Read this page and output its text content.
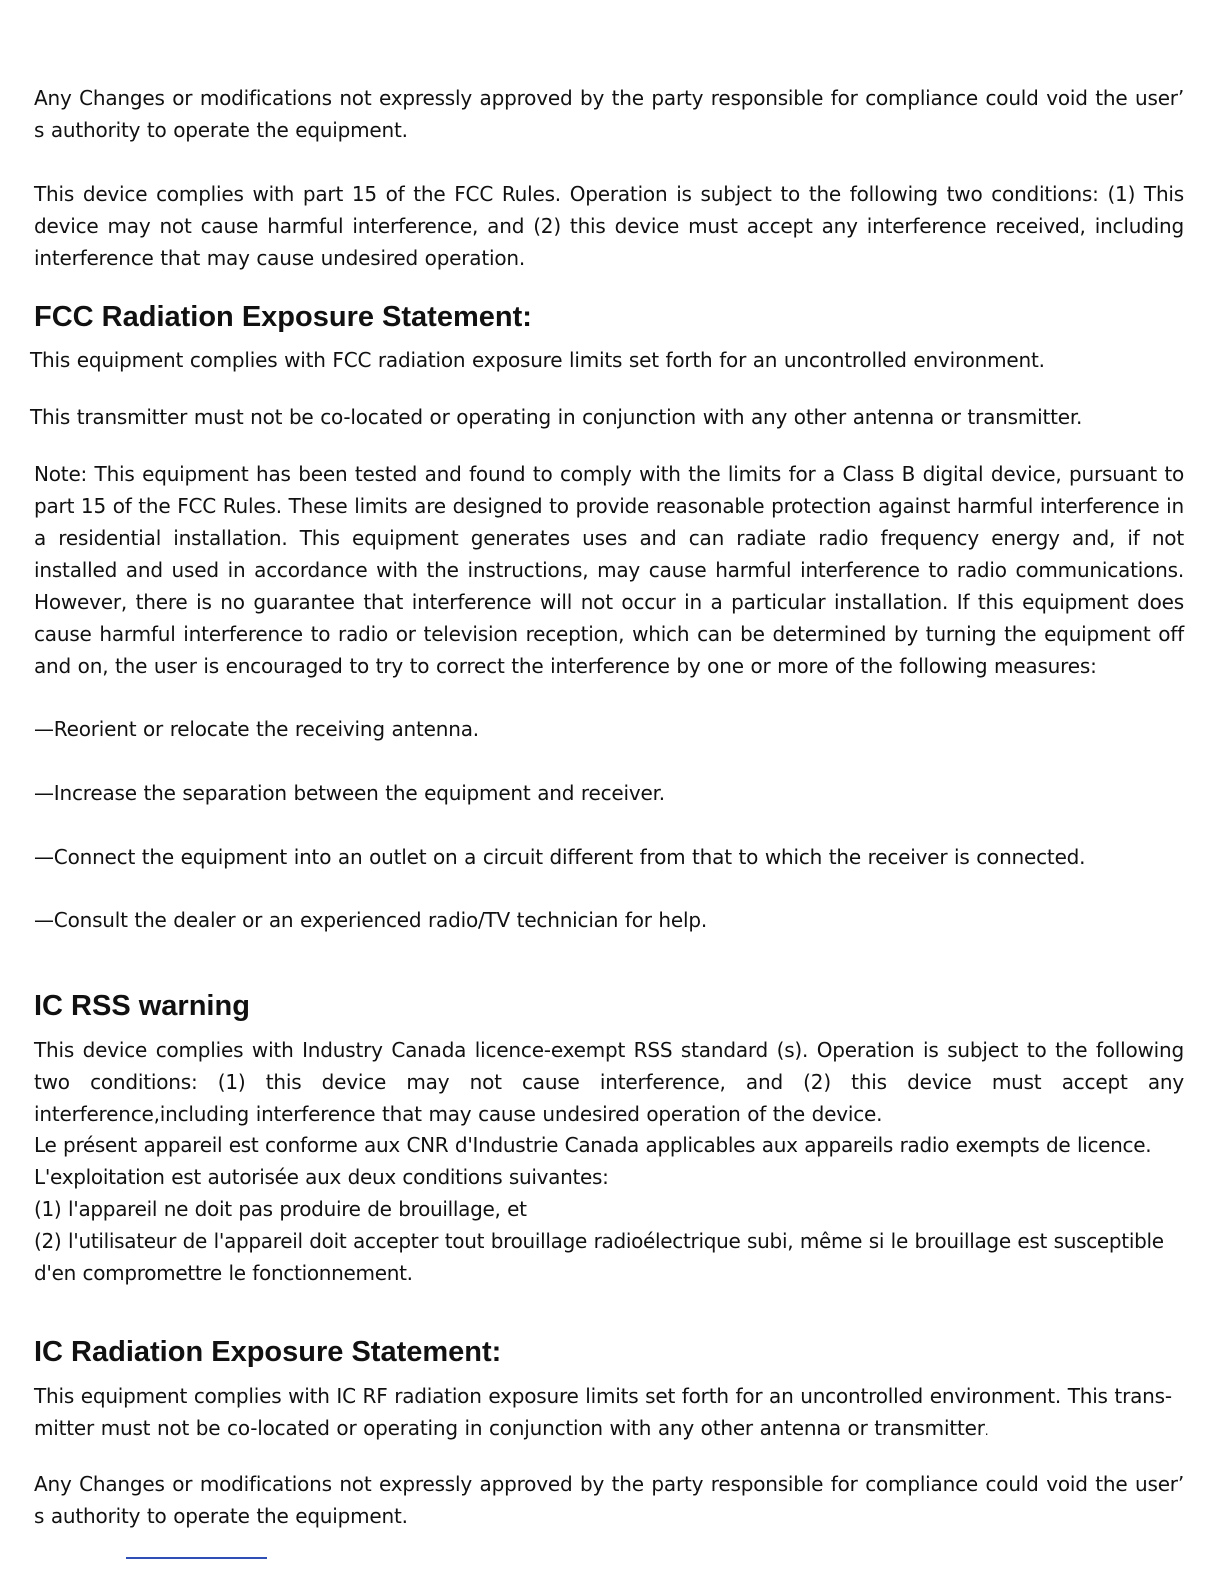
Any Changes or modifications not expressly approved by the party responsible for compliance could void the user’ s authority to operate the equipment.

This device complies with part 15 of the FCC Rules. Operation is subject to the following two conditions: (1) This device may not cause harmful interference, and (2) this device must accept any interference received, including interference that may cause undesired operation.

FCC Radiation Exposure Statement:

This equipment complies with FCC radiation exposure limits set forth for an uncontrolled environment.

This transmitter must not be co-located or operating in conjunction with any other antenna or transmitter.

Note: This equipment has been tested and found to comply with the limits for a Class B digital device, pursuant to part 15 of the FCC Rules. These limits are designed to provide reasonable protection against harmful interference in a residential installation. This equipment generates uses and can radiate radio frequency energy and, if not installed and used in accordance with the instructions, may cause harmful interference to radio communications. However, there is no guarantee that interference will not occur in a particular installation. If this equipment does cause harmful interference to radio or television reception, which can be determined by turning the equipment off and on, the user is encouraged to try to correct the interference by one or more of the following measures:

—Reorient or relocate the receiving antenna.

—Increase the separation between the equipment and receiver.

—Connect the equipment into an outlet on a circuit different from that to which the receiver is connected.

—Consult the dealer or an experienced radio/TV technician for help.

IC RSS warning

This device complies with Industry Canada licence-exempt RSS standard (s). Operation is subject to the following two conditions: (1) this device may not cause interference, and (2) this device must accept any interference,including interference that may cause undesired operation of the device.

Le présent appareil est conforme aux CNR d'Industrie Canada applicables aux appareils radio exempts de licence.
L'exploitation est autorisée aux deux conditions suivantes:
(1) l'appareil ne doit pas produire de brouillage, et
(2) l'utilisateur de l'appareil doit accepter tout brouillage radioélectrique subi, même si le brouillage est susceptible
d'en compromettre le fonctionnement.
IC Radiation Exposure Statement:
This equipment complies with IC RF radiation exposure limits set forth for an uncontrolled environment. This trans-
mitter must not be co-located or operating in conjunction with any other antenna or transmitter.

Any Changes or modifications not expressly approved by the party responsible for compliance could void the user’ s authority to operate the equipment.
